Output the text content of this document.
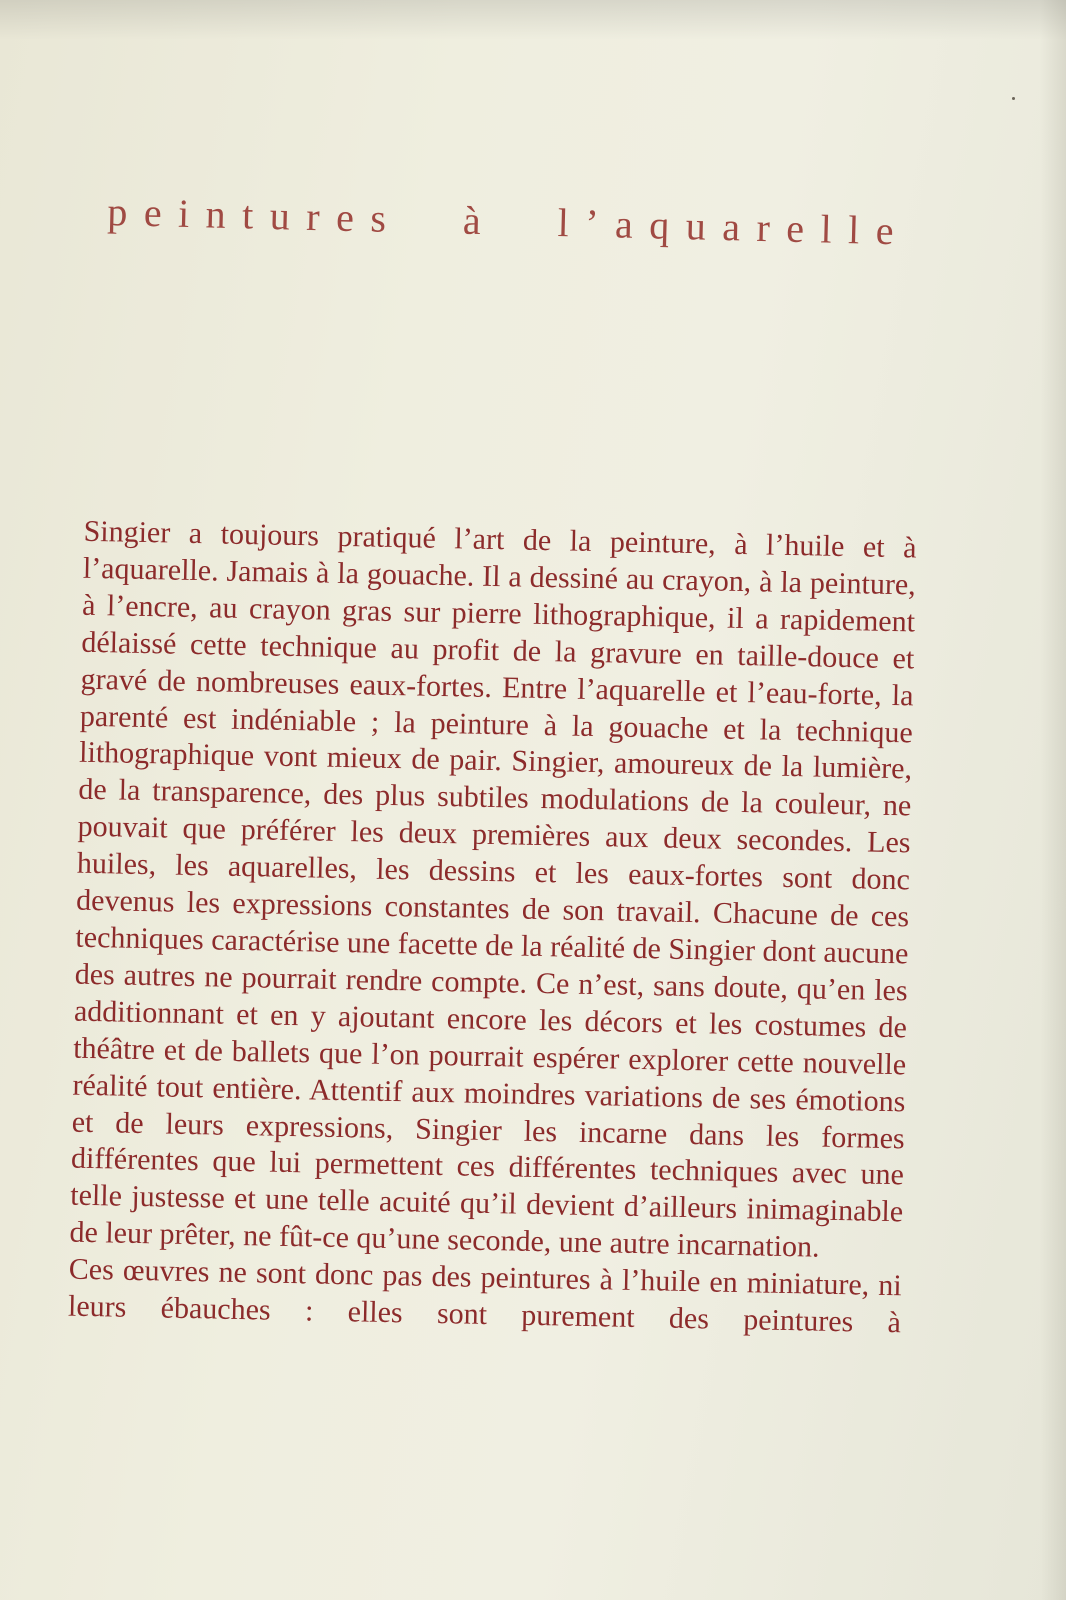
peintures à l’aquarelle

Singier a toujours pratiqué l’art de la peinture, à l’huile et à l’aquarelle. Jamais à la gouache. Il a dessiné au crayon, à la peinture, à l’encre, au crayon gras sur pierre lithographique, il a rapidement délaissé cette technique au profit de la gravure en taille-douce et gravé de nombreuses eaux-fortes. Entre l’aquarelle et l’eau-forte, la parenté est indéniable ; la peinture à la gouache et la technique lithographique vont mieux de pair. Singier, amoureux de la lumière, de la transparence, des plus subtiles modulations de la couleur, ne pouvait que préférer les deux premières aux deux secondes. Les huiles, les aquarelles, les dessins et les eaux-fortes sont donc devenus les expressions constantes de son travail. Chacune de ces techniques caractérise une facette de la réalité de Singier dont aucune des autres ne pourrait rendre compte. Ce n’est, sans doute, qu’en les additionnant et en y ajoutant encore les décors et les costumes de théâtre et de ballets que l’on pourrait espérer explorer cette nouvelle réalité tout entière. Attentif aux moindres variations de ses émotions et de leurs expressions, Singier les incarne dans les formes différentes que lui permettent ces différentes techniques avec une telle justesse et une telle acuité qu’il devient d’ailleurs inimaginable de leur prêter, ne fût-ce qu’une seconde, une autre incarnation.

Ces œuvres ne sont donc pas des peintures à l’huile en miniature, ni leurs ébauches : elles sont purement des peintures à
